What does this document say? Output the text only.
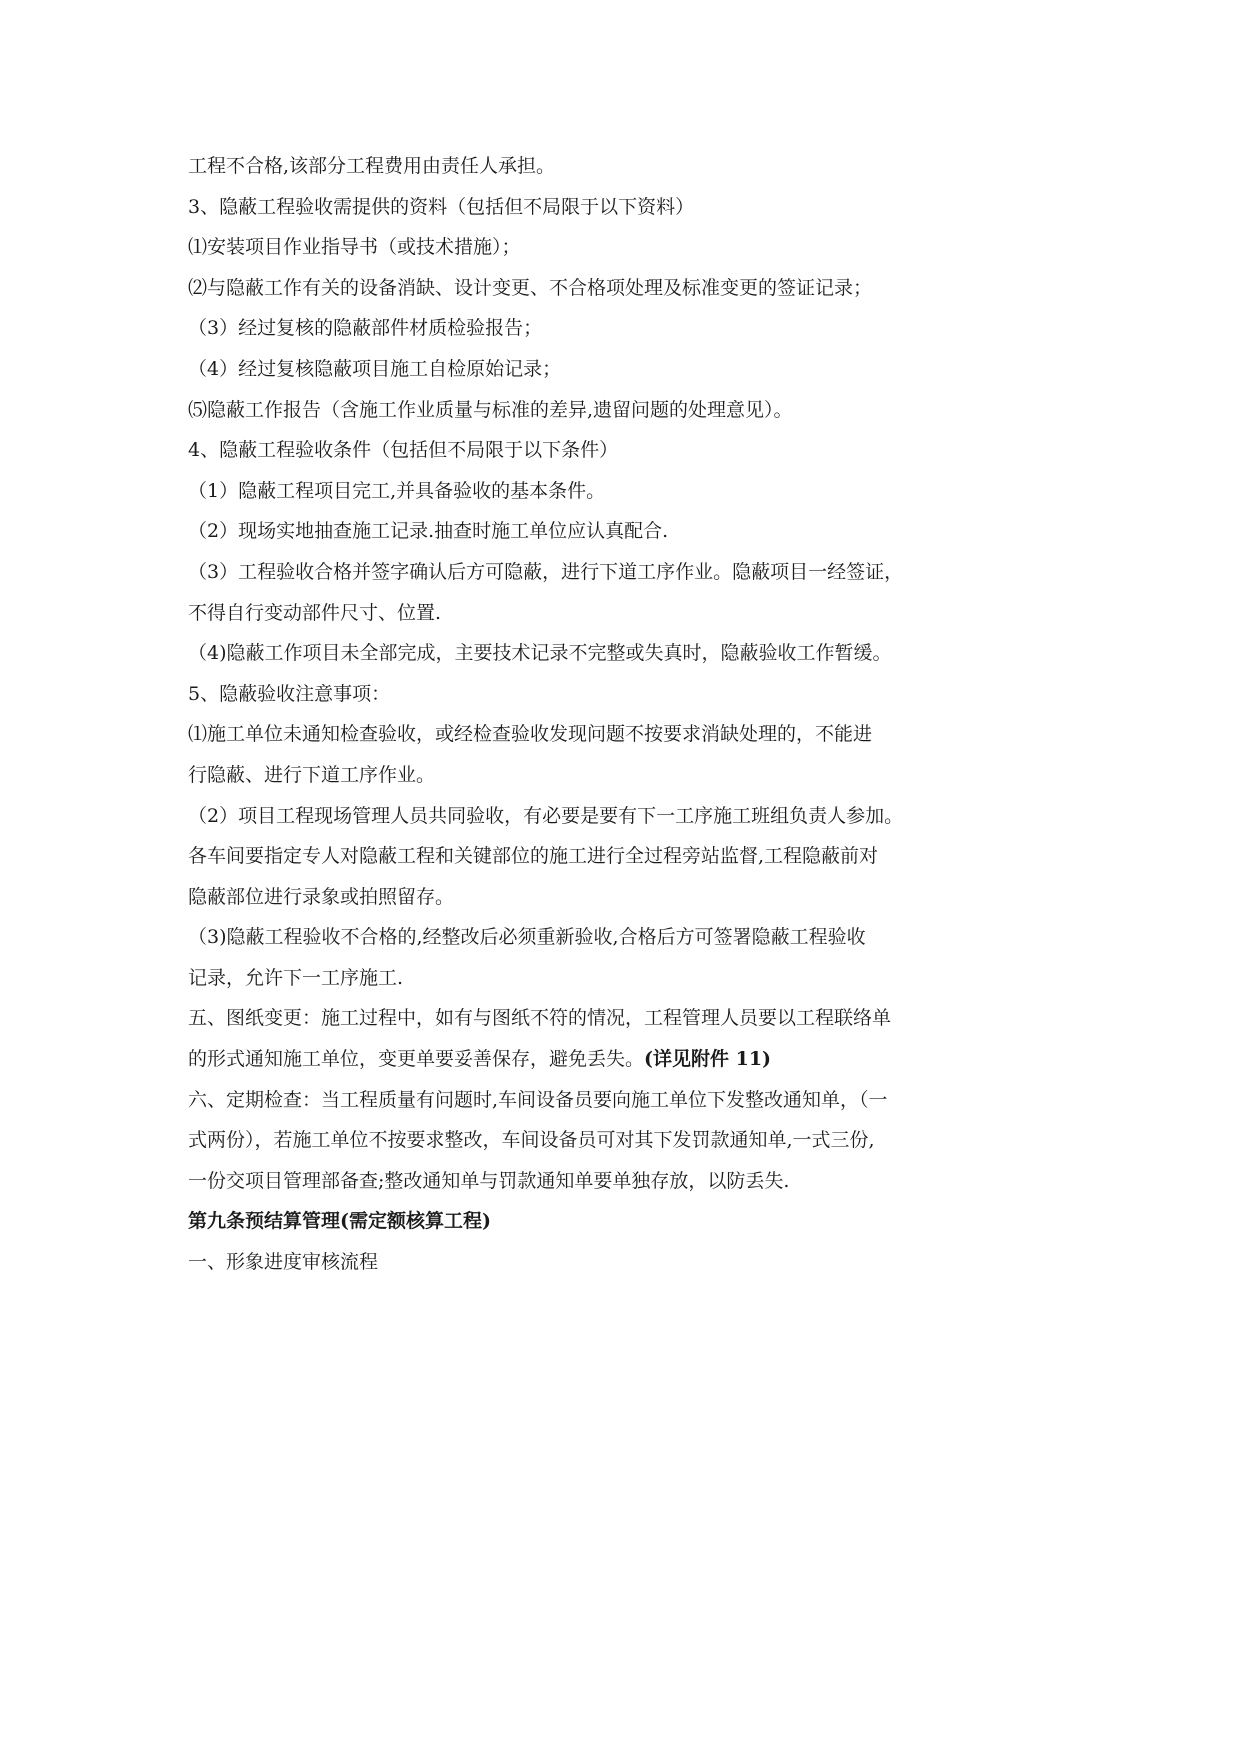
工程不合格,该部分工程费用由责任人承担。
3、隐蔽工程验收需提供的资料（包括但不局限于以下资料）
⑴安装项目作业指导书（或技术措施）；
⑵与隐蔽工作有关的设备消缺、设计变更、不合格项处理及标准变更的签证记录；
（3）经过复核的隐蔽部件材质检验报告；
（4）经过复核隐蔽项目施工自检原始记录；
⑸隐蔽工作报告（含施工作业质量与标准的差异,遗留问题的处理意见）。
4、隐蔽工程验收条件（包括但不局限于以下条件）
（1）隐蔽工程项目完工,并具备验收的基本条件。
（2）现场实地抽查施工记录.抽查时施工单位应认真配合.
（3）工程验收合格并签字确认后方可隐蔽，进行下道工序作业。隐蔽项目一经签证，
不得自行变动部件尺寸、位置.
（4)隐蔽工作项目未全部完成，主要技术记录不完整或失真时，隐蔽验收工作暂缓。
5、隐蔽验收注意事项：
⑴施工单位未通知检查验收，或经检查验收发现问题不按要求消缺处理的，不能进
行隐蔽、进行下道工序作业。
（2）项目工程现场管理人员共同验收，有必要是要有下一工序施工班组负责人参加。
各车间要指定专人对隐蔽工程和关键部位的施工进行全过程旁站监督,工程隐蔽前对
隐蔽部位进行录象或拍照留存。
（3)隐蔽工程验收不合格的,经整改后必须重新验收,合格后方可签署隐蔽工程验收
记录，允许下一工序施工.
五、图纸变更：施工过程中，如有与图纸不符的情况，工程管理人员要以工程联络单
的形式通知施工单位，变更单要妥善保存，避免丢失。(详见附件 11)
六、定期检查：当工程质量有问题时,车间设备员要向施工单位下发整改通知单，（一
式两份），若施工单位不按要求整改，车间设备员可对其下发罚款通知单,一式三份,
一份交项目管理部备查;整改通知单与罚款通知单要单独存放，以防丢失.
第九条预结算管理(需定额核算工程)
一、形象进度审核流程
